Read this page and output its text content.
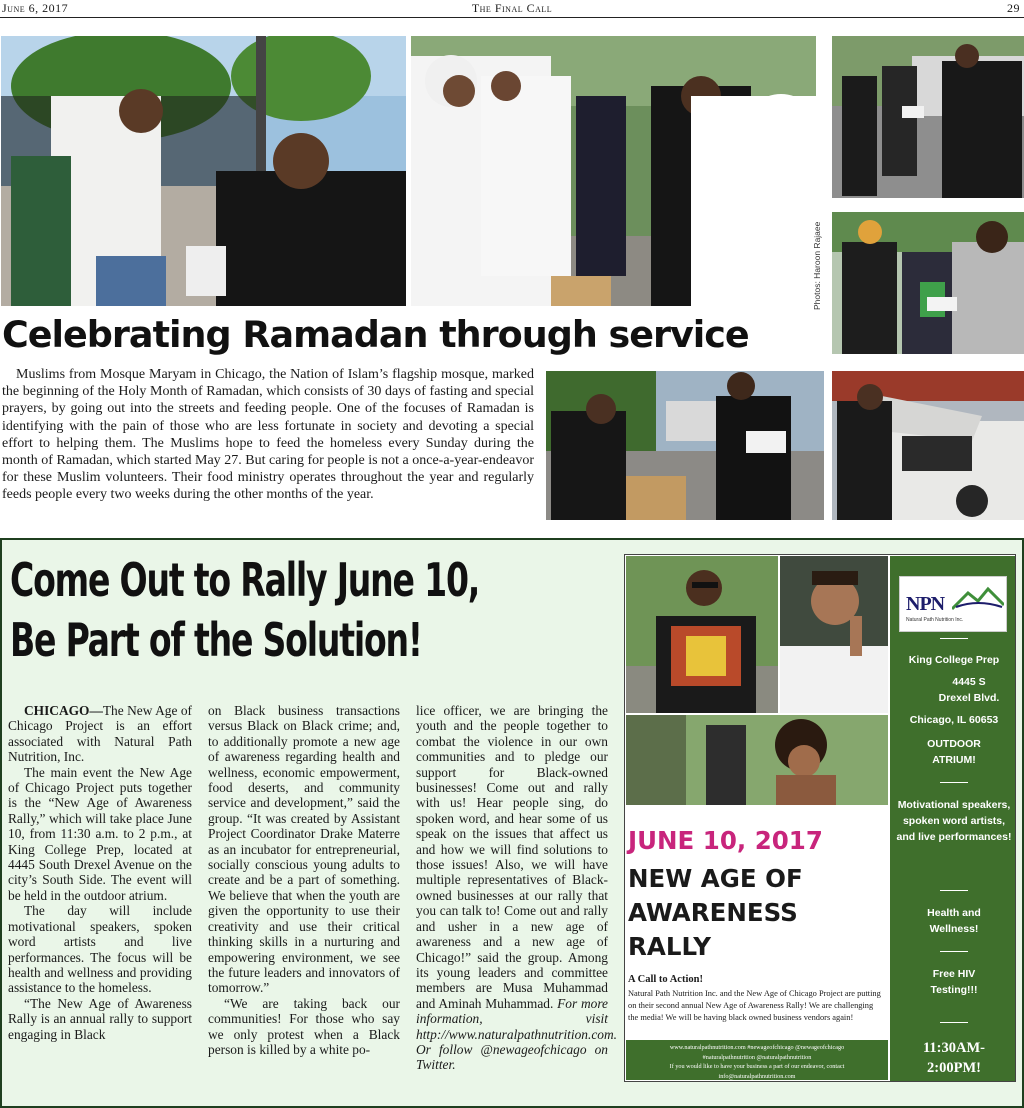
June 6, 2017	The Final Call	29
Photos: Haroon Rajaee
Celebrating Ramadan through service
Muslims from Mosque Maryam in Chicago, the Nation of Islam’s flagship mosque, marked the beginning of the Holy Month of Ramadan, which consists of 30 days of fasting and special prayers, by going out into the streets and feeding people. One of the focuses of Ramadan is identifying with the pain of those who are less fortunate in society and devoting a special effort to helping them. The Muslims hope to feed the homeless every Sunday during the month of Ramadan, which started May 27. But caring for people is not a once-a-year-endeavor for these Muslim volunteers. Their food ministry operates throughout the year and regularly feeds people every two weeks during the other months of the year.
Come Out to Rally June 10,
Be Part of the Solution!

CHICAGO—The New Age of Chicago Project is an effort associated with Natural Path Nutrition, Inc.

The main event the New Age of Chicago Project puts together is the “New Age of Awareness Rally,” which will take place June 10, from 11:30 a.m. to 2 p.m., at King College Prep, located at 4445 South Drexel Avenue on the city’s South Side. The event will be held in the outdoor atrium.

The day will include motivational speakers, spoken word artists and live performances. The focus will be health and wellness and providing assistance to the homeless.

“The New Age of Awareness Rally is an annual rally to support engaging in Black

on Black business transactions versus Black on Black crime; and, to additionally promote a new age of awareness regarding health and wellness, economic empowerment, food deserts, and community service and development,” said the group. “It was created by Assistant Project Coordinator Drake Materre as an incubator for entrepreneurial, socially conscious young adults to create and be a part of something. We believe that when the youth are given the opportunity to use their creativity and use their critical thinking skills in a nurturing and empowering environment, we see the future leaders and innovators of tomorrow.”

“We are taking back our communities! For those who say we only protest when a Black person is killed by a white po-

lice officer, we are bringing the youth and the people together to combat the violence in our own communities and to pledge our support for Black-owned businesses! Come out and rally with us! Hear people sing, do spoken word, and hear some of us speak on the issues that affect us and how we will find solutions to those issues! Also, we will have multiple representatives of Black-owned businesses at our rally that you can talk to! Come out and rally and usher in a new age of awareness and a new age of Chicago!” said the group. Among its young leaders and committee members are Musa Muhammad and Aminah Muhammad. For more information, visit http://www.naturalpathnutrition.com. Or follow @newageofchicago on Twitter.

NPN
Natural Path Nutrition Inc.
King College Prep
4445 S Drexel Blvd.
Chicago, IL 60653
OUTDOOR ATRIUM!
Motivational speakers, spoken word artists, and live performances!
Health and Wellness!
Free HIV Testing!!!
11:30AM-
2:00PM!
JUNE 10, 2017
NEW AGE OF
AWARENESS
RALLY
A Call to Action!
Natural Path Nutrition Inc. and the New Age of Chicago Project are putting on their second annual New Age of Awareness Rally! We are challenging the media! We will be having black owned business vendors again!
www.naturalpathnutrition.com #newageofchicago @newageofchicago
#naturalpathnutrition @naturalpathnutrition
If you would like to have your business a part of our endeavor, contact
info@naturalpathnutrition.com
